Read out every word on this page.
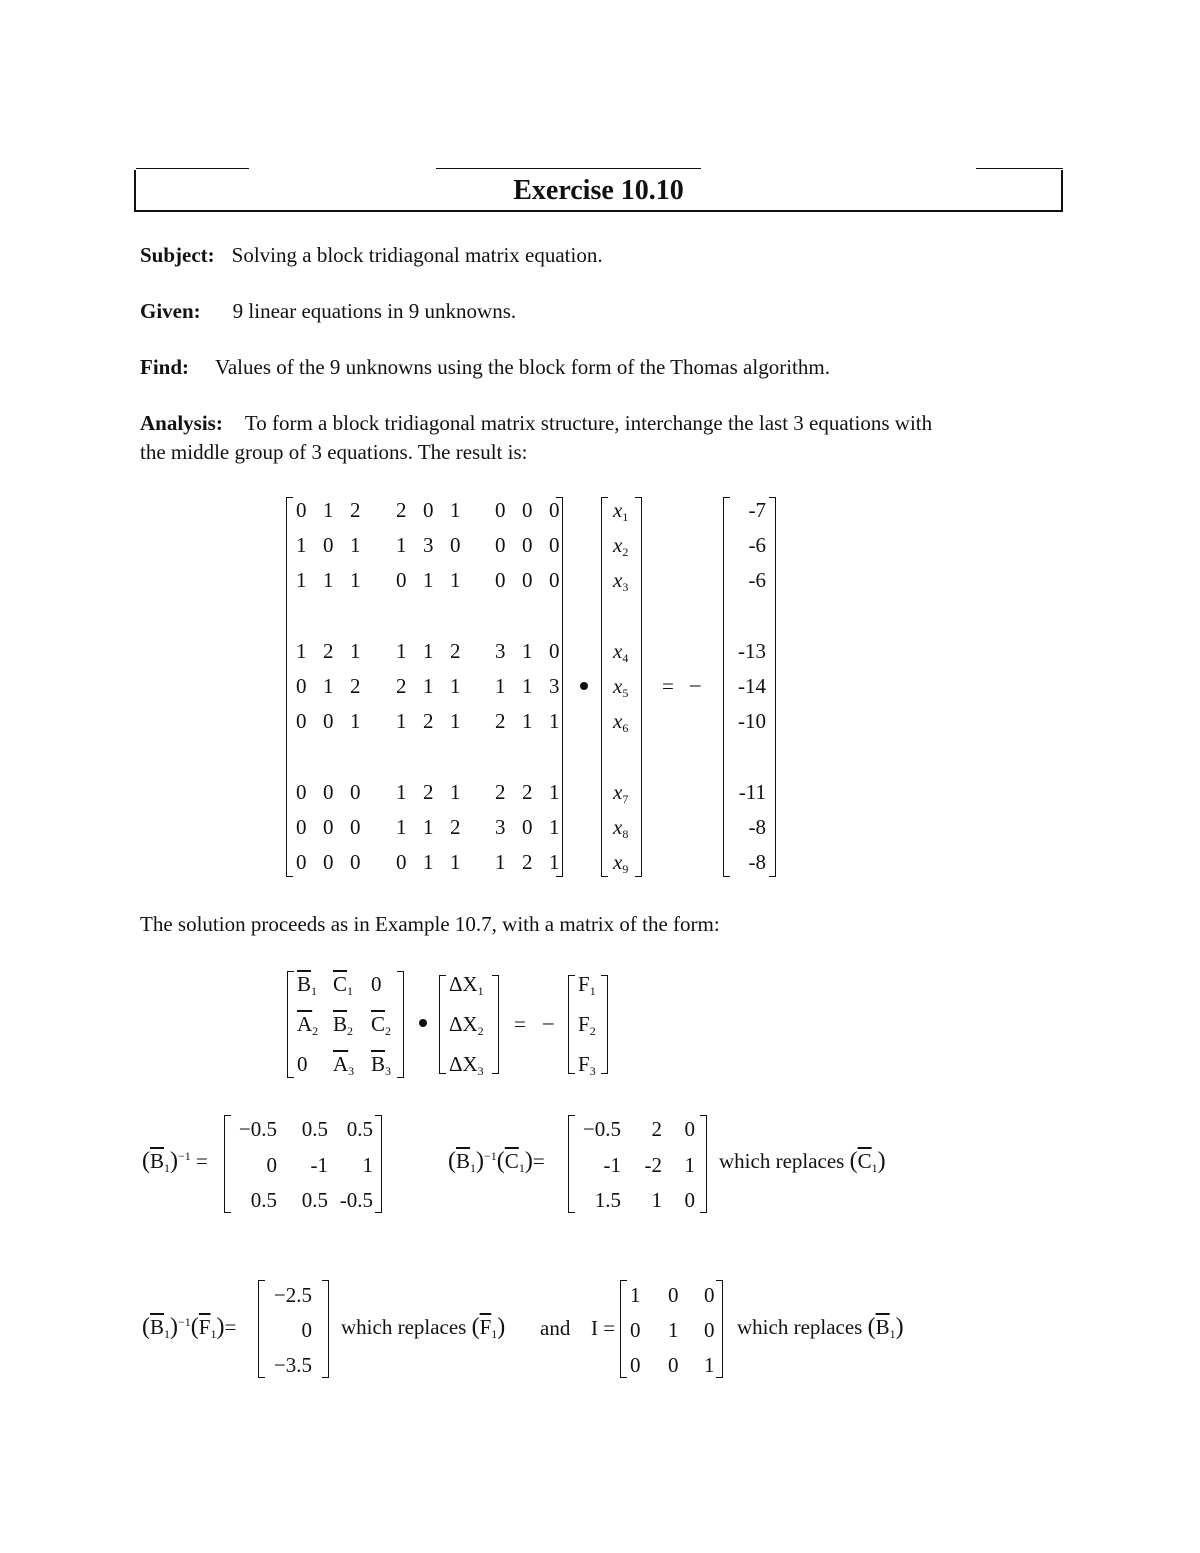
Exercise 10.10
Subject: Solving a block tridiagonal matrix equation.
Given: 9 linear equations in 9 unknowns.
Find: Values of the 9 unknowns using the block form of the Thomas algorithm.
Analysis: To form a block tridiagonal matrix structure, interchange the last 3 equations with
the middle group of 3 equations. The result is:
0  1  2 2  0  1 0  0  0
1  0  1 1  3  0 0  0  0
1  1  1 0  1  1 0  0  0
1  2  1 1  1  2 3  1  0
0  1  2 2  1  1 1  1  3
0  0  1 1  2  1 2  1  1
0  0  0 1  2  1 2  2  1
0  0  0 1  1  2 3  0  1
0  0  0 0  1  1 1  2  1
$x_1$
$x_2$
$x_3$
$x_4$
$x_5$
$x_6$
$x_7$
$x_8$
$x_9$
= –
-7
-6
-6
-13
-14
-10
-11
-8
-8
The solution proceeds as in Example 10.7, with a matrix of the form:
$\overline{B}_1$ $\overline{C}_1$ 0
$\overline{A}_2$ $\overline{B}_2$ $\overline{C}_2$
0 $\overline{A}_3$ $\overline{B}_3$
$\Delta X_1$
$\Delta X_2$
$\Delta X_3$
= –
$F_1$
$F_2$
$F_3$
$(\overline{B}_1)^{-1}$ =
−0.5	0.5 0.5
0	-1	1
0.5	0.5 -0.5
$(\overline{B}_1)^{-1}(\overline{C}_1)=$
−0.5	2	0
-1 -2	1
1.5	1	0
which replaces $(\overline{C}_1)$
$(\overline{B}_1)^{-1}(\overline{F}_1)=$
−2.5
0
−3.5
which replaces $(\overline{F}_1)$ and I =
1 0 0
0 1 0
0 0 1
which replaces $(\overline{B}_1)$
